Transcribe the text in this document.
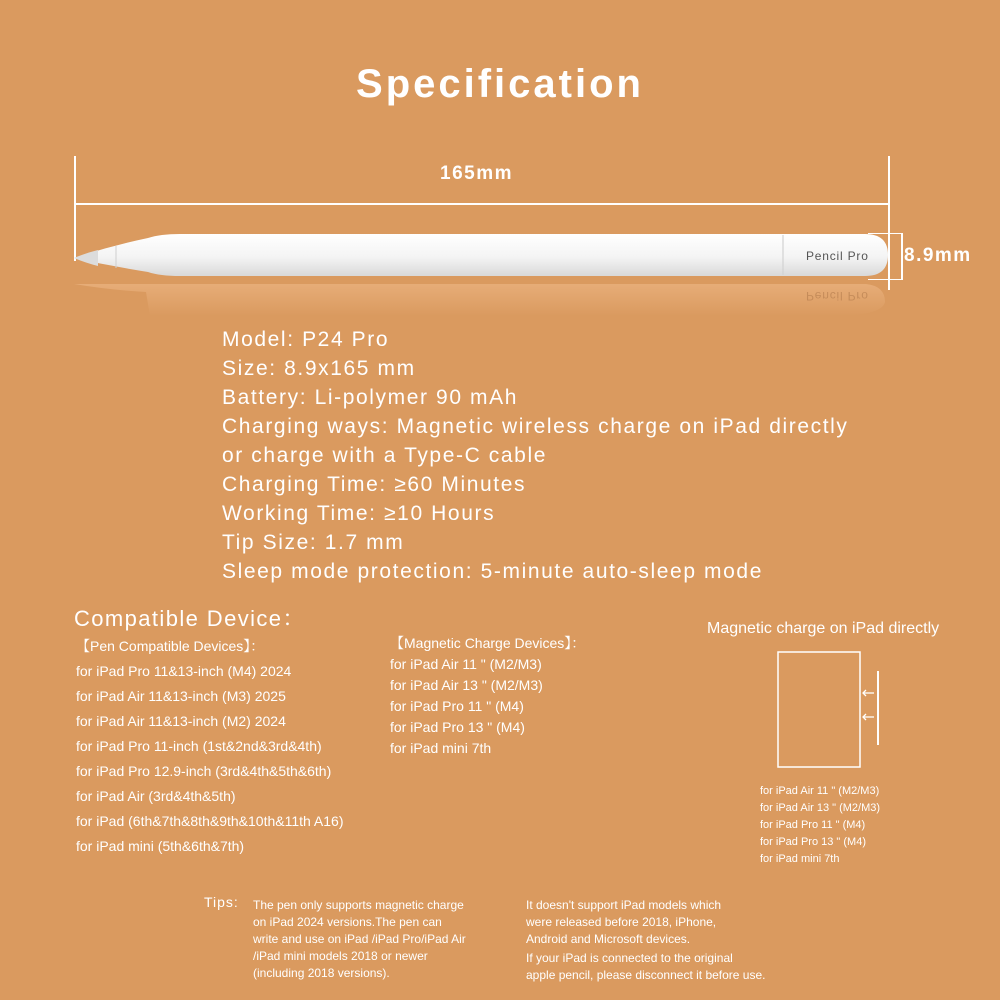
Specification
165mm
8.9mm
Pencil Pro
Pencil Pro
Model: P24 Pro
Size: 8.9x165 mm
Battery: Li-polymer 90 mAh
Charging ways: Magnetic wireless charge on iPad directly
or charge with a Type-C cable
Charging Time: ≥60 Minutes
Working Time: ≥10 Hours
Tip Size: 1.7 mm
Sleep mode protection: 5-minute auto-sleep mode
Compatible Device：
【Pen Compatible Devices】：
for iPad Pro 11&13-inch (M4) 2024
for iPad Air 11&13-inch (M3) 2025
for iPad Air 11&13-inch (M2) 2024
for iPad Pro 11-inch (1st&2nd&3rd&4th)
for iPad Pro 12.9-inch (3rd&4th&5th&6th)
for iPad Air (3rd&4th&5th)
for iPad (6th&7th&8th&9th&10th&11th A16)
for iPad mini (5th&6th&7th)
【Magnetic Charge Devices】：
for iPad Air 11 " (M2/M3)
for iPad Air 13 " (M2/M3)
for iPad Pro 11 " (M4)
for iPad Pro 13 " (M4)
for iPad mini 7th
Magnetic charge on iPad directly
for iPad Air 11 " (M2/M3)
for iPad Air 13 " (M2/M3)
for iPad Pro 11 " (M4)
for iPad Pro 13 " (M4)
for iPad mini 7th
Tips: The pen only supports magnetic charge
on iPad 2024 versions.The pen can
write and use on iPad /iPad Pro/iPad Air
/iPad mini models 2018 or newer
(including 2018 versions).
It doesn't support iPad models which
were released before 2018, iPhone,
Android and Microsoft devices.
If your iPad is connected to the original
apple pencil, please disconnect it before use.
